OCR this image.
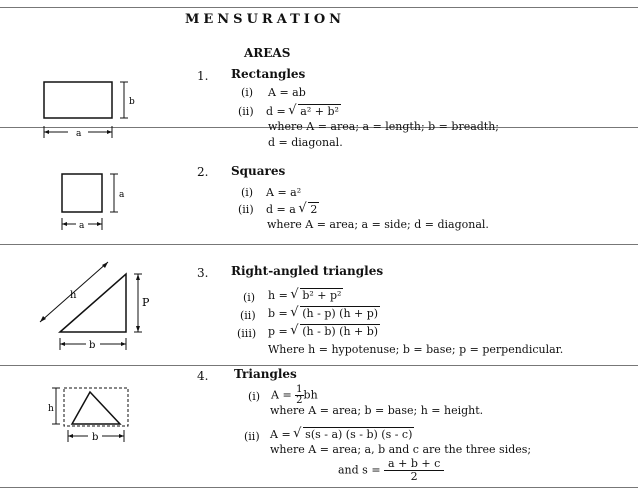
MENSURATION
AREAS
a
b
1. Rectangles
(i) A = ab
(ii) d = √ a² + b²
where A = area; a = length; b = breadth;
d = diagonal.
a
a
2. Squares
(i) A = a²
(ii) d = a √ 2
where A = area; a = side; d = diagonal.
h
P
b
3. Right-angled triangles
(i) h = √ b² + p²
(ii) b = √ (h - p) (h + p)
(iii) p = √ (h - b) (h + b)
Where h = hypotenuse; b = base; p = perpendicular.
h
b
4. Triangles
(i) $A = \frac{1}{2}$ bh
where A = area; b = base; h = height.
(ii) A = √ s(s - a) (s - b) (s - c)
where A = area; a, b and c are the three sides;
and $s = \frac{a + b + c}{2}$
